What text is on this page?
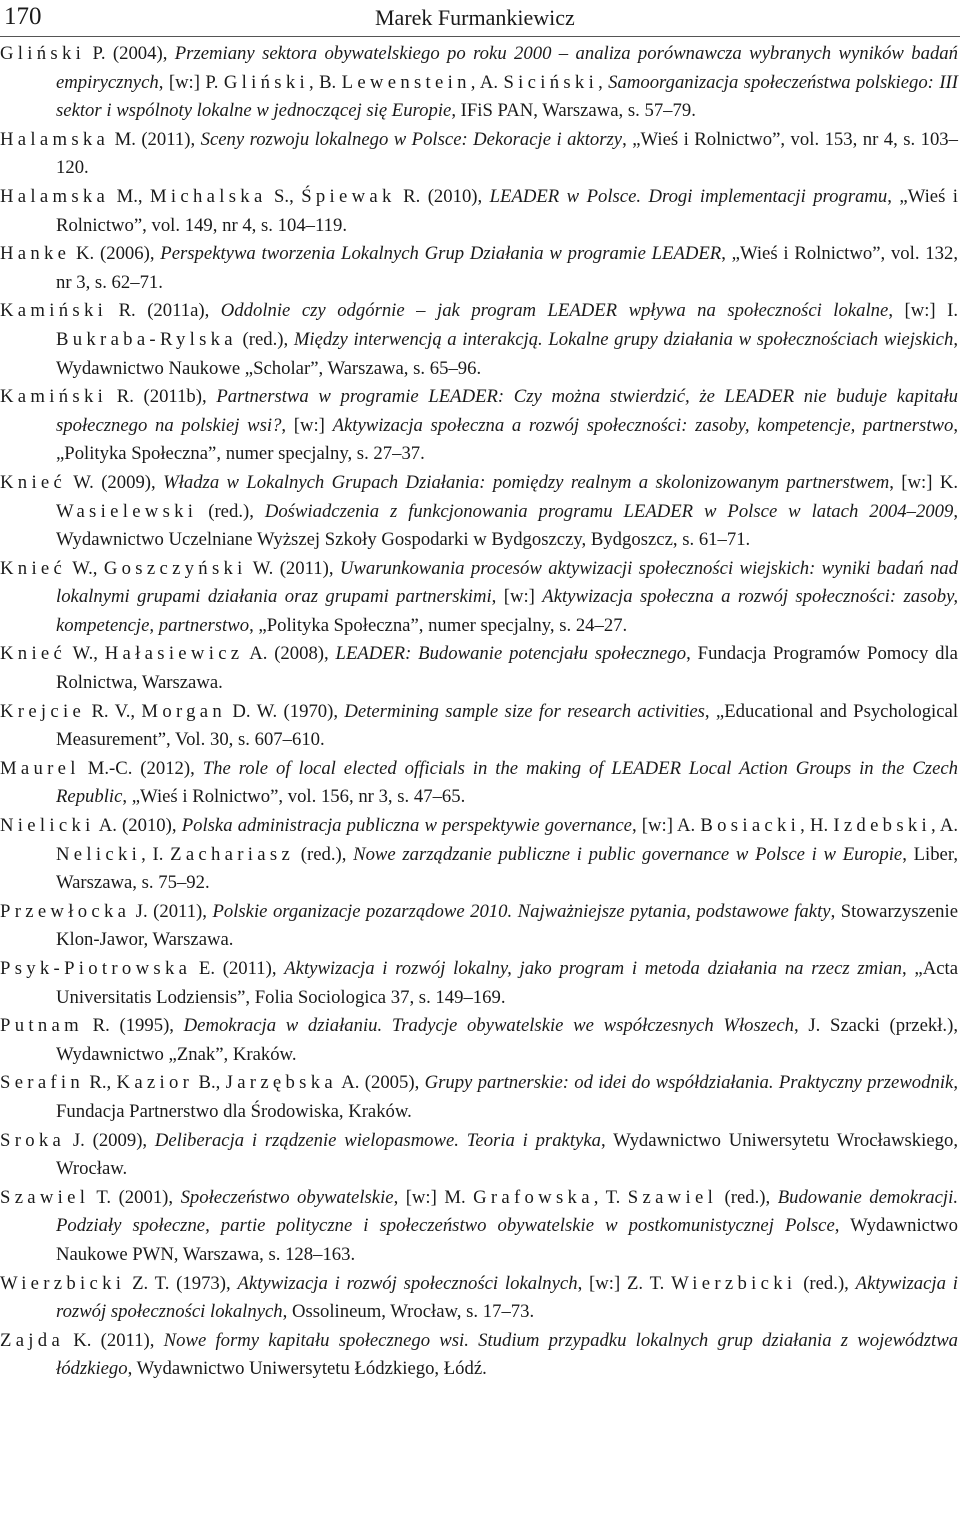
170	Marek Furmankiewicz

Gliński P. (2004), Przemiany sektora obywatelskiego po roku 2000 – analiza porównawcza wybranych wyników badań empirycznych, [w:] P. Gliński, B. Lewenstein, A. Siciński, Samoorganizacja społeczeństwa polskiego: III sektor i wspólnoty lokalne w jednoczącej się Europie, IFiS PAN, Warszawa, s. 57–79.

Halamska M. (2011), Sceny rozwoju lokalnego w Polsce: Dekoracje i aktorzy, „Wieś i Rolnictwo”, vol. 153, nr 4, s. 103–120.

Halamska M., Michalska S., Śpiewak R. (2010), LEADER w Polsce. Drogi implementacji programu, „Wieś i Rolnictwo”, vol. 149, nr 4, s. 104–119.

Hanke K. (2006), Perspektywa tworzenia Lokalnych Grup Działania w programie LEADER, „Wieś i Rolnictwo”, vol. 132, nr 3, s. 62–71.

Kamiński R. (2011a), Oddolnie czy odgórnie – jak program LEADER wpływa na społeczności lokalne, [w:] I. Bukraba-Rylska (red.), Między interwencją a interakcją. Lokalne grupy działania w społecznościach wiejskich, Wydawnictwo Naukowe „Scholar”, Warszawa, s. 65–96.

Kamiński R. (2011b), Partnerstwa w programie LEADER: Czy można stwierdzić, że LEADER nie buduje kapitału społecznego na polskiej wsi?, [w:] Aktywizacja społeczna a rozwój społeczności: zasoby, kompetencje, partnerstwo, „Polityka Społeczna”, numer specjalny, s. 27–37.

Knieć W. (2009), Władza w Lokalnych Grupach Działania: pomiędzy realnym a skolonizowanym partnerstwem, [w:] K. Wasielewski (red.), Doświadczenia z funkcjonowania programu LEADER w Polsce w latach 2004–2009, Wydawnictwo Uczelniane Wyższej Szkoły Gospodarki w Bydgoszczy, Bydgoszcz, s. 61–71.

Knieć W., Goszczyński W. (2011), Uwarunkowania procesów aktywizacji społeczności wiejskich: wyniki badań nad lokalnymi grupami działania oraz grupami partnerskimi, [w:] Aktywizacja społeczna a rozwój społeczności: zasoby, kompetencje, partnerstwo, „Polityka Społeczna”, numer specjalny, s. 24–27.

Knieć W., Hałasiewicz A. (2008), LEADER: Budowanie potencjału społecznego, Fundacja Programów Pomocy dla Rolnictwa, Warszawa.

Krejcie R. V., Morgan D. W. (1970), Determining sample size for research activities, „Educational and Psychological Measurement”, Vol. 30, s. 607–610.

Maurel M.-C. (2012), The role of local elected officials in the making of LEADER Local Action Groups in the Czech Republic, „Wieś i Rolnictwo”, vol. 156, nr 3, s. 47–65.

Nielicki A. (2010), Polska administracja publiczna w perspektywie governance, [w:] A. Bosiacki, H. Izdebski, A. Nelicki, I. Zachariasz (red.), Nowe zarządzanie publiczne i public governance w Polsce i w Europie, Liber, Warszawa, s. 75–92.

Przewłocka J. (2011), Polskie organizacje pozarządowe 2010. Najważniejsze pytania, podstawowe fakty, Stowarzyszenie Klon-Jawor, Warszawa.

Psyk-Piotrowska E. (2011), Aktywizacja i rozwój lokalny, jako program i metoda działania na rzecz zmian, „Acta Universitatis Lodziensis”, Folia Sociologica 37, s. 149–169.

Putnam R. (1995), Demokracja w działaniu. Tradycje obywatelskie we współczesnych Włoszech, J. Szacki (przekł.), Wydawnictwo „Znak”, Kraków.

Serafin R., Kazior B., Jarzębska A. (2005), Grupy partnerskie: od idei do współdziałania. Praktyczny przewodnik, Fundacja Partnerstwo dla Środowiska, Kraków.

Sroka J. (2009), Deliberacja i rządzenie wielopasmowe. Teoria i praktyka, Wydawnictwo Uniwersytetu Wrocławskiego, Wrocław.

Szawiel T. (2001), Społeczeństwo obywatelskie, [w:] M. Grafowska, T. Szawiel (red.), Budowanie demokracji. Podziały społeczne, partie polityczne i społeczeństwo obywatelskie w postkomunistycznej Polsce, Wydawnictwo Naukowe PWN, Warszawa, s. 128–163.

Wierzbicki Z. T. (1973), Aktywizacja i rozwój społeczności lokalnych, [w:] Z. T. Wierzbicki (red.), Aktywizacja i rozwój społeczności lokalnych, Ossolineum, Wrocław, s. 17–73.

Zajda K. (2011), Nowe formy kapitału społecznego wsi. Studium przypadku lokalnych grup działania z województwa łódzkiego, Wydawnictwo Uniwersytetu Łódzkiego, Łódź.
